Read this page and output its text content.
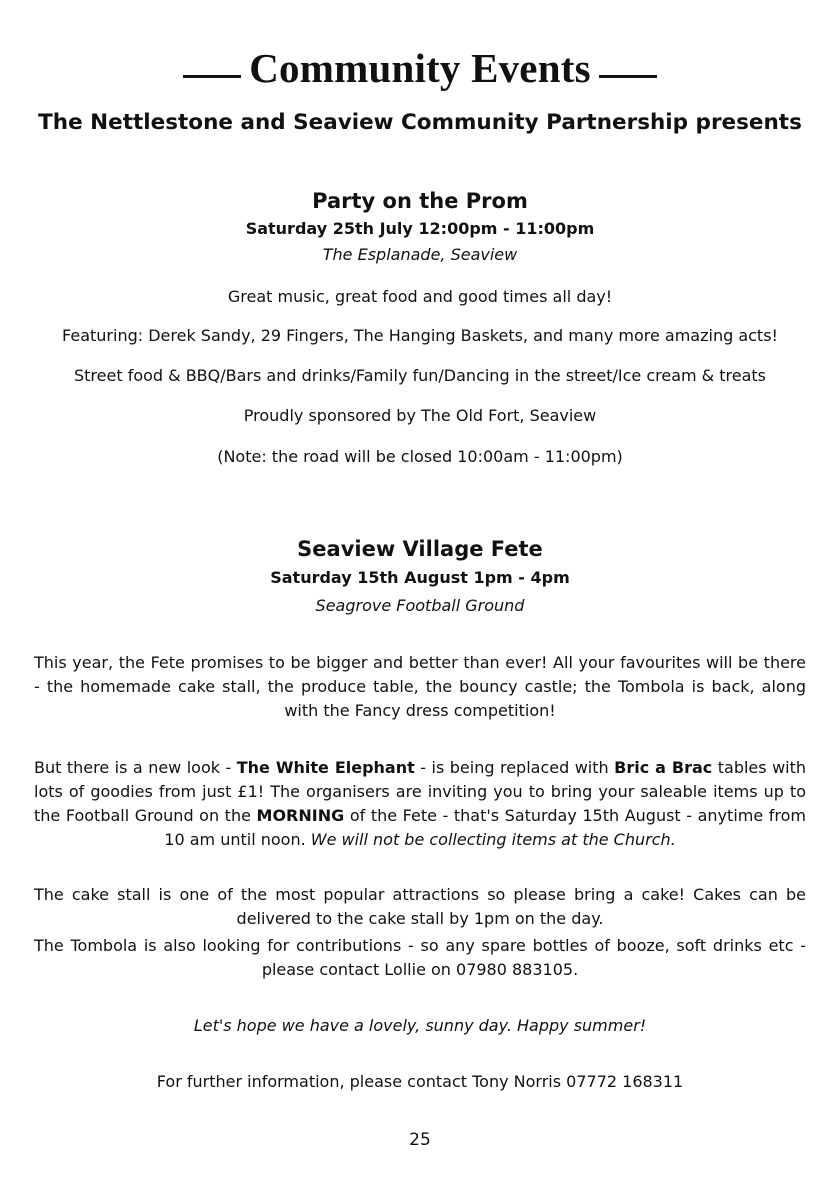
Community Events
The Nettlestone and Seaview Community Partnership presents
Party on the Prom
Saturday 25th July 12:00pm - 11:00pm
The Esplanade, Seaview
Great music, great food and good times all day!
Featuring: Derek Sandy, 29 Fingers, The Hanging Baskets, and many more amazing acts!
Street food & BBQ/Bars and drinks/Family fun/Dancing in the street/Ice cream & treats
Proudly sponsored by The Old Fort, Seaview
(Note: the road will be closed 10:00am - 11:00pm)
Seaview Village Fete
Saturday 15th August 1pm - 4pm
Seagrove Football Ground
This year, the Fete promises to be bigger and better than ever! All your favourites will be there - the homemade cake stall, the produce table, the bouncy castle; the Tombola is back, along with the Fancy dress competition!
But there is a new look - The White Elephant - is being replaced with Bric a Brac tables with lots of goodies from just £1! The organisers are inviting you to bring your saleable items up to the Football Ground on the MORNING of the Fete - that's Saturday 15th August - anytime from 10 am until noon. We will not be collecting items at the Church.
The cake stall is one of the most popular attractions so please bring a cake! Cakes can be delivered to the cake stall by 1pm on the day.
The Tombola is also looking for contributions - so any spare bottles of booze, soft drinks etc - please contact Lollie on 07980 883105.
Let's hope we have a lovely, sunny day. Happy summer!
For further information, please contact Tony Norris 07772 168311
25
